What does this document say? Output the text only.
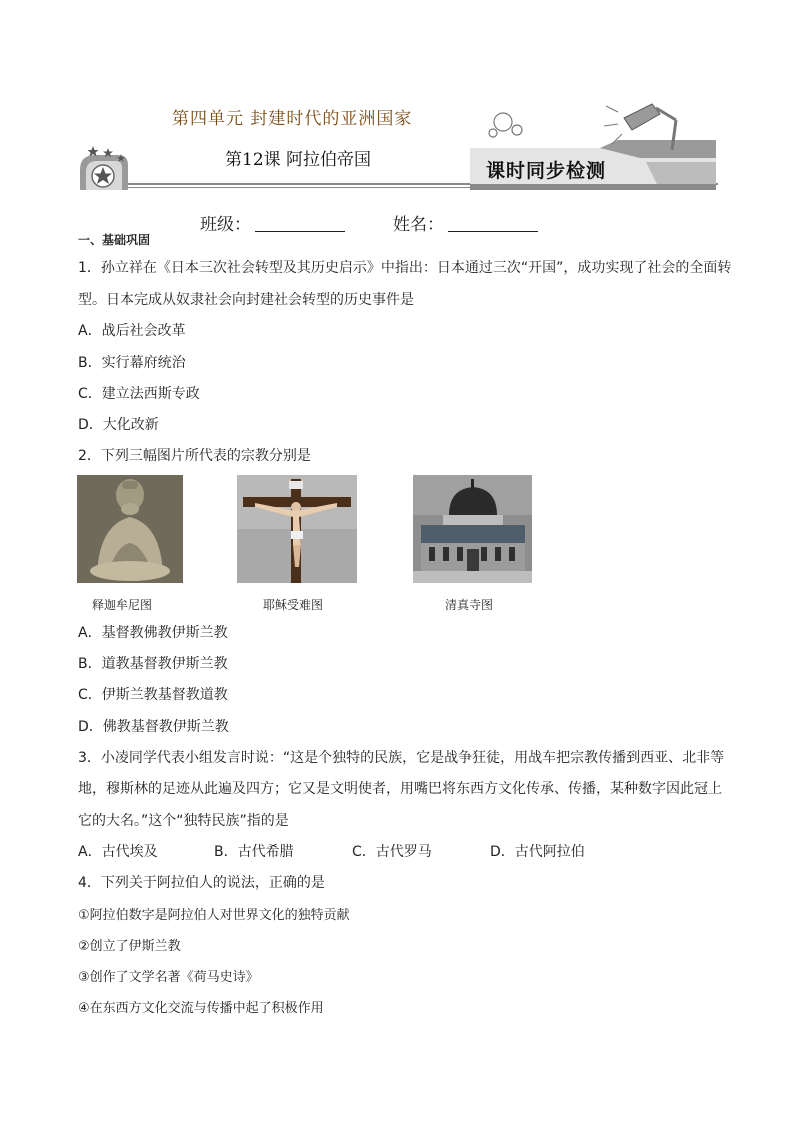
第四单元 封建时代的亚洲国家
第12课 阿拉伯帝国	课时同步检测
班级：	姓名：
一、基础巩固
1．孙立祥在《日本三次社会转型及其历史启示》中指出：日本通过三次“开国”，成功实现了社会的全面转
型。日本完成从奴隶社会向封建社会转型的历史事件是
A．战后社会改革
B．实行幕府统治
C．建立法西斯专政
D．大化改新
2．下列三幅图片所代表的宗教分别是
释迦牟尼图	耶稣受难图	清真寺图
A．基督教佛教伊斯兰教
B．道教基督教伊斯兰教
C．伊斯兰教基督教道教
D．佛教基督教伊斯兰教
3．小凌同学代表小组发言时说：“这是个独特的民族，它是战争狂徒，用战车把宗教传播到西亚、北非等
地，穆斯林的足迹从此遍及四方；它又是文明使者，用嘴巴将东西方文化传承、传播，某种数字因此冠上
它的大名。”这个“独特民族”指的是
A．古代埃及	B．古代希腊	C．古代罗马	D．古代阿拉伯
4．下列关于阿拉伯人的说法，正确的是
①阿拉伯数字是阿拉伯人对世界文化的独特贡献
②创立了伊斯兰教
③创作了文学名著《荷马史诗》
④在东西方文化交流与传播中起了积极作用
